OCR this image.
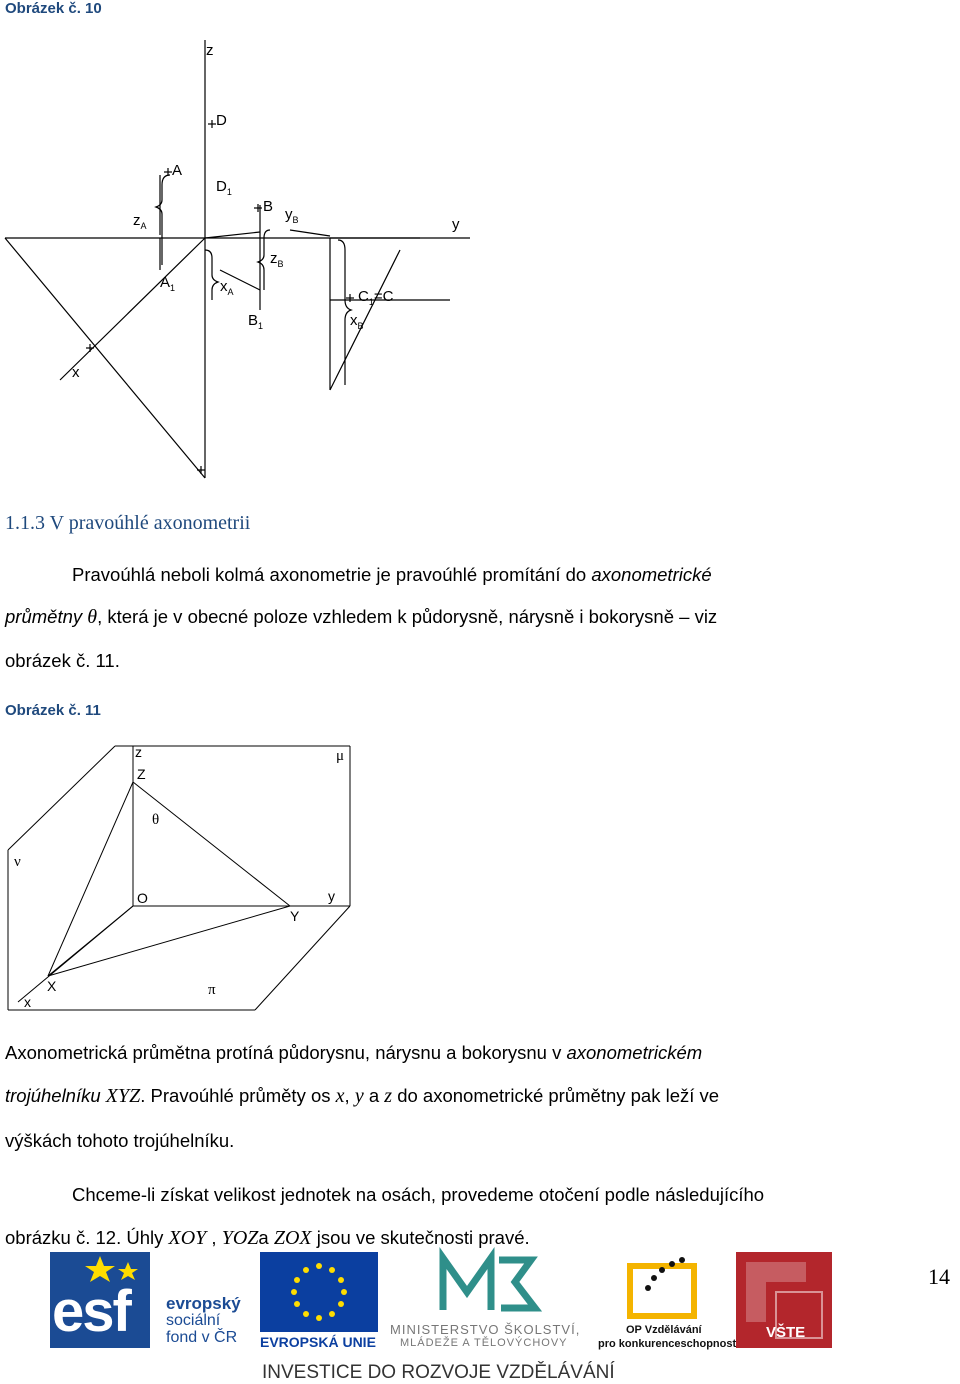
Obrázek č. 10
z
D
$D_1$
A
$z_A$
B $y_B$	y
$z_B$
$A_1$	$x_A$	$C_1=C$
$B_1$	$x_B$
x
1.1.3 V pravoúhlé axonometrii
Pravoúhlá neboli kolmá axonometrie je pravoúhlé promítání do axonometrické
průmětny θ, která je v obecné poloze vzhledem k půdorysně, nárysně i bokorysně – viz
obrázek č. 11.
Obrázek č. 11
z
Z
μ
θ
ν
O	y
Y
X
x
π
Axonometrická průmětna protíná půdorysnu, nárysnu a bokorysnu v axonometrickém
trojúhelníku XYZ. Pravoúhlé průměty os x, y a z do axonometrické průmětny pak leží ve
výškách tohoto trojúhelníku.
Chceme-li získat velikost jednotek na osách, provedeme otočení podle následujícího
obrázku č. 12. Úhly XOY , YOZa ZOX jsou ve skutečnosti pravé.
14
esf evropský
sociální
fond v ČR EVROPSKÁ UNIE
MINISTERSTVO ŠKOLSTVÍ,
MLÁDEŽE A TĚLOVÝCHOVY
OP Vzdělávání
pro konkurenceschopnost
VŠTE
INVESTICE DO ROZVOJE VZDĚLÁVÁNÍ
